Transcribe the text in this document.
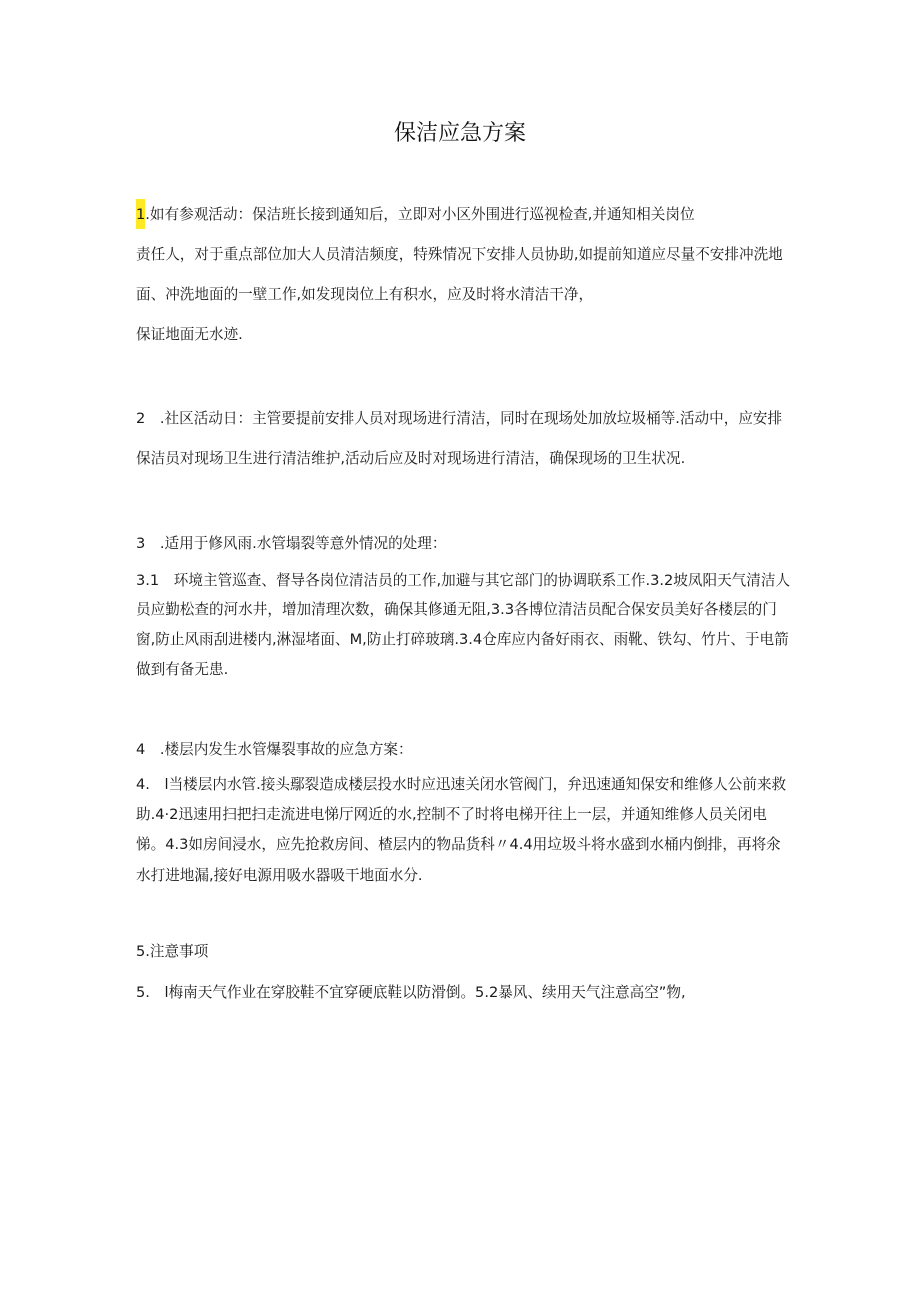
保洁应急方案
1.如有参观活动：保洁班长接到通知后，立即对小区外围进行巡视检查,并通知相关岗位
责任人，对于重点部位加大人员清洁频度，特殊情况下安排人员协助,如提前知道应尽量不安排冲洗地
面、冲洗地面的一壁工作,如发现岗位上有积水，应及时将水清洁干净，
保证地面无水迹.
2　.社区活动日：主管要提前安排人员对现场进行清洁，同时在现场处加放垃圾桶等.活动中，应安排
保洁员对现场卫生进行清洁维护,活动后应及时对现场进行清洁，确保现场的卫生状况.
3　.适用于修风雨.水管塌裂等意外情况的处理：
3.1　环境主管巡查、督导各岗位清洁员的工作,加避与其它部门的协调联系工作.3.2坡凤阳天气清洁人
员应勤松查的河水井，增加清理次数，确保其修通无阻,3.3各博位清洁员配合保安员美好各楼层的门
窗,防止风雨刮进楼内,淋湿堵面、M,防止打碎玻璃.3.4仓库应内备好雨衣、雨靴、铁勾、竹片、于电箭
做到有备无患.
4　.楼层内发生水管爆裂事故的应急方案：
4.　l当楼层内水管.接头鄢裂造成楼层投水时应迅速关闭水管阀门，弁迅速通知保安和维修人公前来救
助.4·2迅速用扫把扫走流进电悌厅网近的水,控制不了时将电梯开往上一层，并通知维修人员关闭电
悌。4.3如房间浸水，应先抢救房间、楂层内的物品货科〃4.4用垃圾斗将水盛到水桶内倒排，再将氽
水打进地漏,接好电源用吸水器吸干地面水分.
5.注意事项
5.　l梅南天气作业在穿胶鞋不宜穿硬底鞋以防滑倒。5.2暴风、续用天气注意高空”物,
